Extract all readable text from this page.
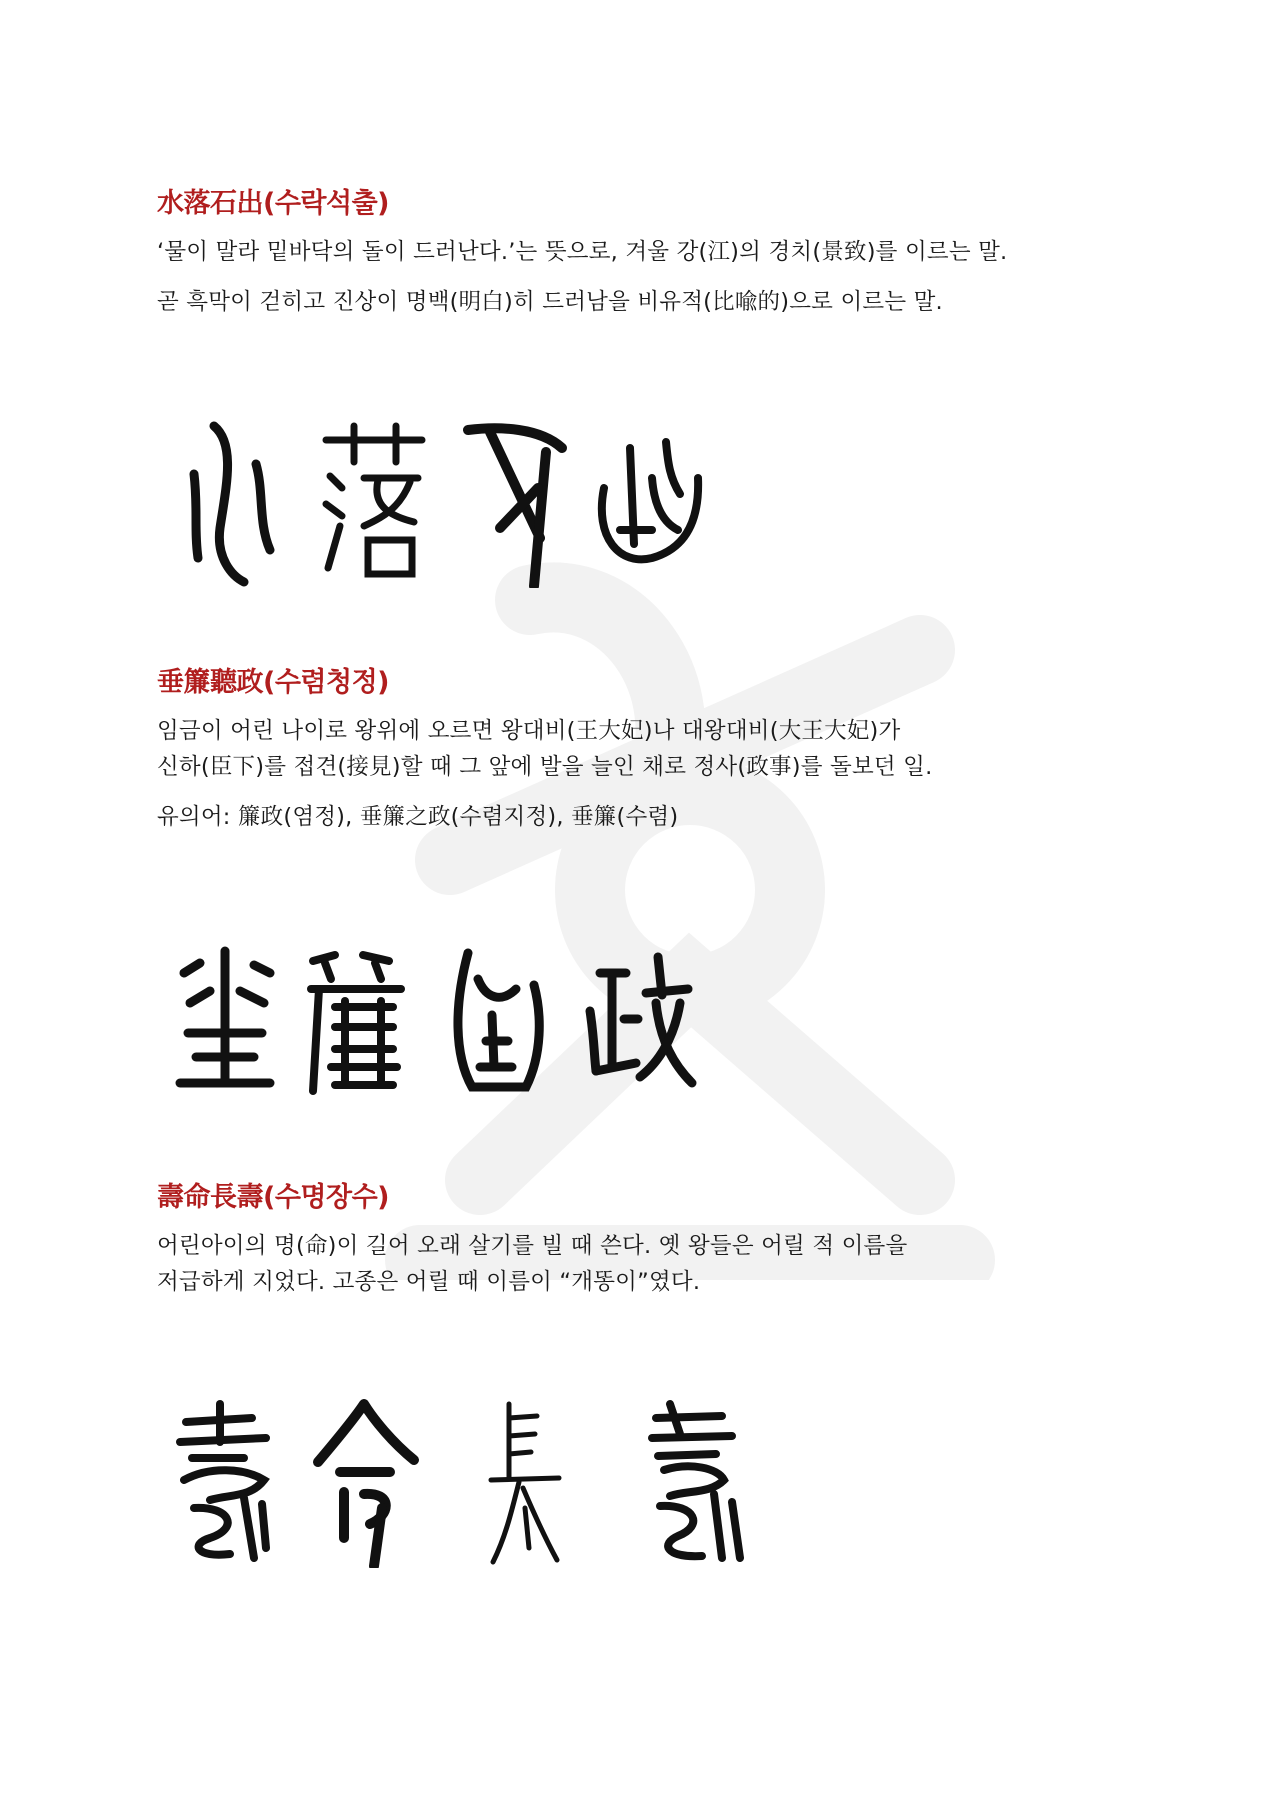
水落石出(수락석출)

‘물이 말라 밑바닥의 돌이 드러난다.’는 뜻으로, 겨울 강(江)의 경치(景致)를 이르는 말.

곧 흑막이 걷히고 진상이 명백(明白)히 드러남을 비유적(比喩的)으로 이르는 말.

垂簾聽政(수렴청정)

임금이 어린 나이로 왕위에 오르면 왕대비(王大妃)나 대왕대비(大王大妃)가

신하(臣下)를 접견(接見)할 때 그 앞에 발을 늘인 채로 정사(政事)를 돌보던 일.

유의어: 簾政(염정), 垂簾之政(수렴지정), 垂簾(수렴)

壽命長壽(수명장수)

어린아이의 명(命)이 길어 오래 살기를 빌 때 쓴다. 옛 왕들은 어릴 적 이름을

저급하게 지었다. 고종은 어릴 때 이름이 “개똥이”였다.
